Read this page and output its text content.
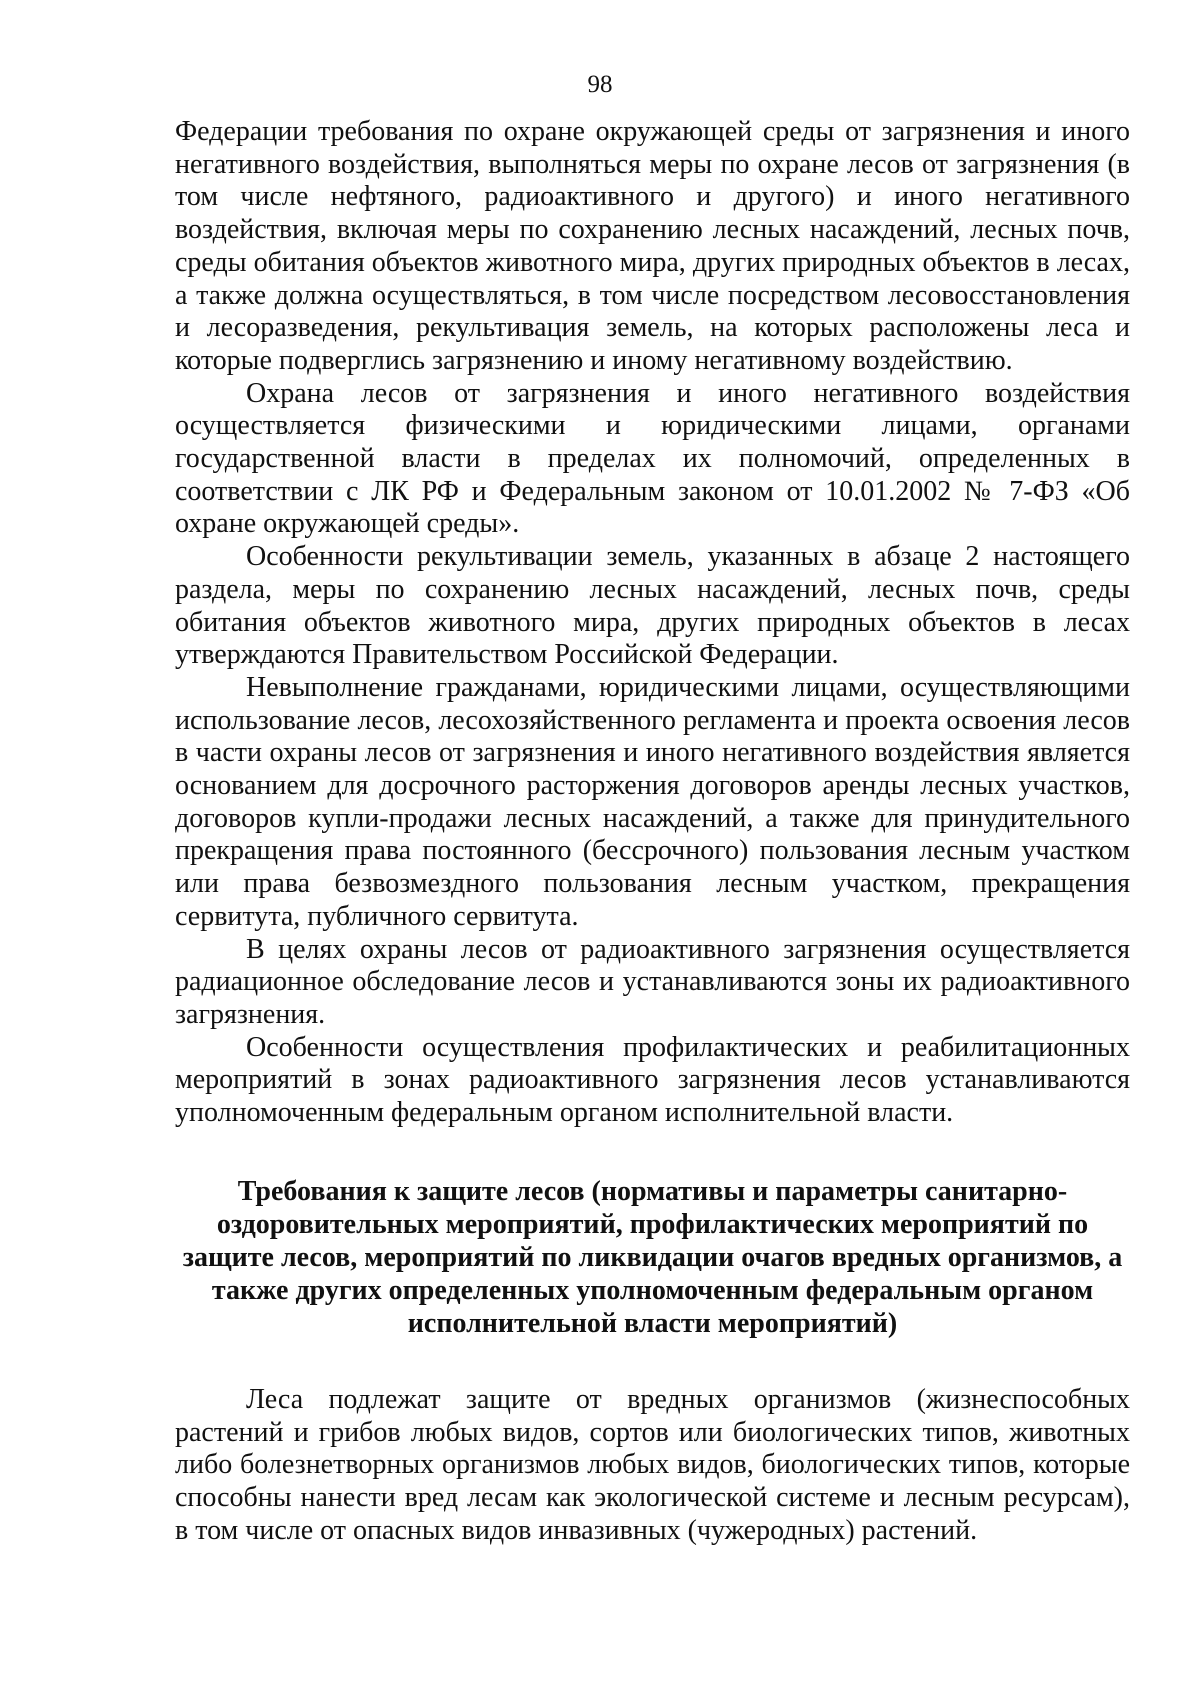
98

Федерации требования по охране окружающей среды от загрязнения и иного негативного воздействия, выполняться меры по охране лесов от загрязнения (в том числе нефтяного, радиоактивного и другого) и иного негативного воздействия, включая меры по сохранению лесных насаждений, лесных почв, среды обитания объектов животного мира, других природных объектов в лесах, а также должна осуществляться, в том числе посредством лесовосстановления и лесоразведения, рекультивация земель, на которых расположены леса и которые подверглись загрязнению и иному негативному воздействию.

Охрана лесов от загрязнения и иного негативного воздействия осуществляется физическими и юридическими лицами, органами государственной власти в пределах их полномочий, определенных в соответствии с ЛК РФ и Федеральным законом от 10.01.2002 № 7-ФЗ «Об охране окружающей среды».

Особенности рекультивации земель, указанных в абзаце 2 настоящего раздела, меры по сохранению лесных насаждений, лесных почв, среды обитания объектов животного мира, других природных объектов в лесах утверждаются Правительством Российской Федерации.

Невыполнение гражданами, юридическими лицами, осуществляющими использование лесов, лесохозяйственного регламента и проекта освоения лесов в части охраны лесов от загрязнения и иного негативного воздействия является основанием для досрочного расторжения договоров аренды лесных участков, договоров купли-продажи лесных насаждений, а также для принудительного прекращения права постоянного (бессрочного) пользования лесным участком или права безвозмездного пользования лесным участком, прекращения сервитута, публичного сервитута.

В целях охраны лесов от радиоактивного загрязнения осуществляется радиационное обследование лесов и устанавливаются зоны их радиоактивного загрязнения.

Особенности осуществления профилактических и реабилитационных мероприятий в зонах радиоактивного загрязнения лесов устанавливаются уполномоченным федеральным органом исполнительной власти.

Требования к защите лесов (нормативы и параметры санитарно-оздоровительных мероприятий, профилактических мероприятий по защите лесов, мероприятий по ликвидации очагов вредных организмов, а также других определенных уполномоченным федеральным органом исполнительной власти мероприятий)

Леса подлежат защите от вредных организмов (жизнеспособных растений и грибов любых видов, сортов или биологических типов, животных либо болезнетворных организмов любых видов, биологических типов, которые способны нанести вред лесам как экологической системе и лесным ресурсам), в том числе от опасных видов инвазивных (чужеродных) растений.
